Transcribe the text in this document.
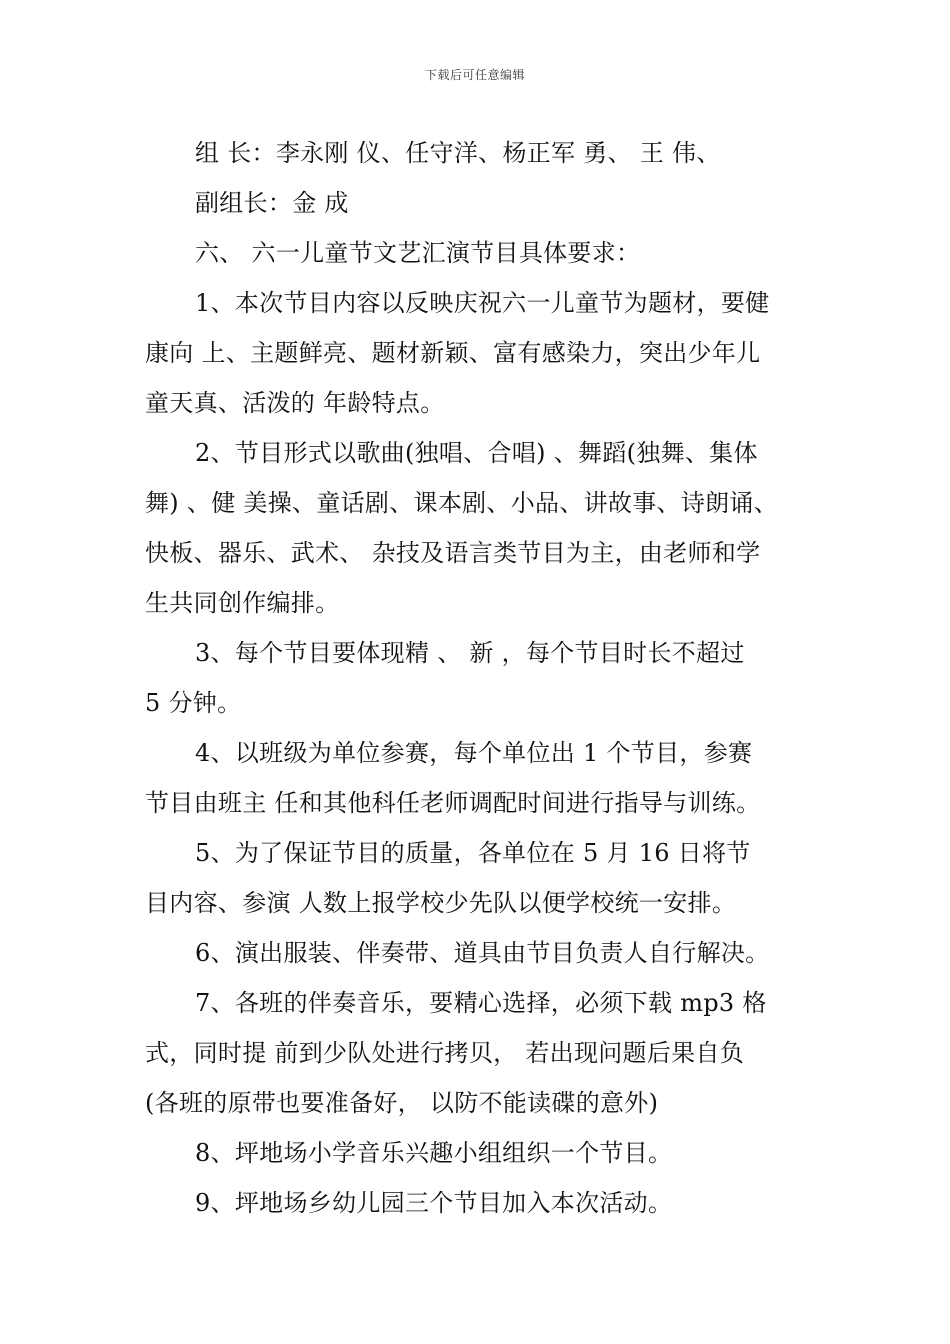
下载后可任意编辑
组 长：李永刚 仪、任守洋、杨正军 勇、 王 伟、
副组长：金 成
六、 六一儿童节文艺汇演节目具体要求：
1、本次节目内容以反映庆祝六一儿童节为题材，要健
康向 上、主题鲜亮、题材新颖、富有感染力，突出少年儿
童天真、活泼的 年龄特点。
2、节目形式以歌曲(独唱、合唱) 、舞蹈(独舞、集体
舞) 、健 美操、童话剧、课本剧、小品、讲故事、诗朗诵、
快板、器乐、武术、 杂技及语言类节目为主，由老师和学
生共同创作编排。
3、每个节目要体现精 、 新 ，每个节目时长不超过
5 分钟。
4、以班级为单位参赛，每个单位出 1 个节目，参赛
节目由班主 任和其他科任老师调配时间进行指导与训练。
5、为了保证节目的质量，各单位在 5 月 16 日将节
目内容、参演 人数上报学校少先队以便学校统一安排。
6、演出服装、伴奏带、道具由节目负责人自行解决。
7、各班的伴奏音乐，要精心选择，必须下载 mp3 格
式，同时提 前到少队处进行拷贝， 若出现问题后果自负
(各班的原带也要准备好， 以防不能读碟的意外)
8、坪地场小学音乐兴趣小组组织一个节目。
9、坪地场乡幼儿园三个节目加入本次活动。
